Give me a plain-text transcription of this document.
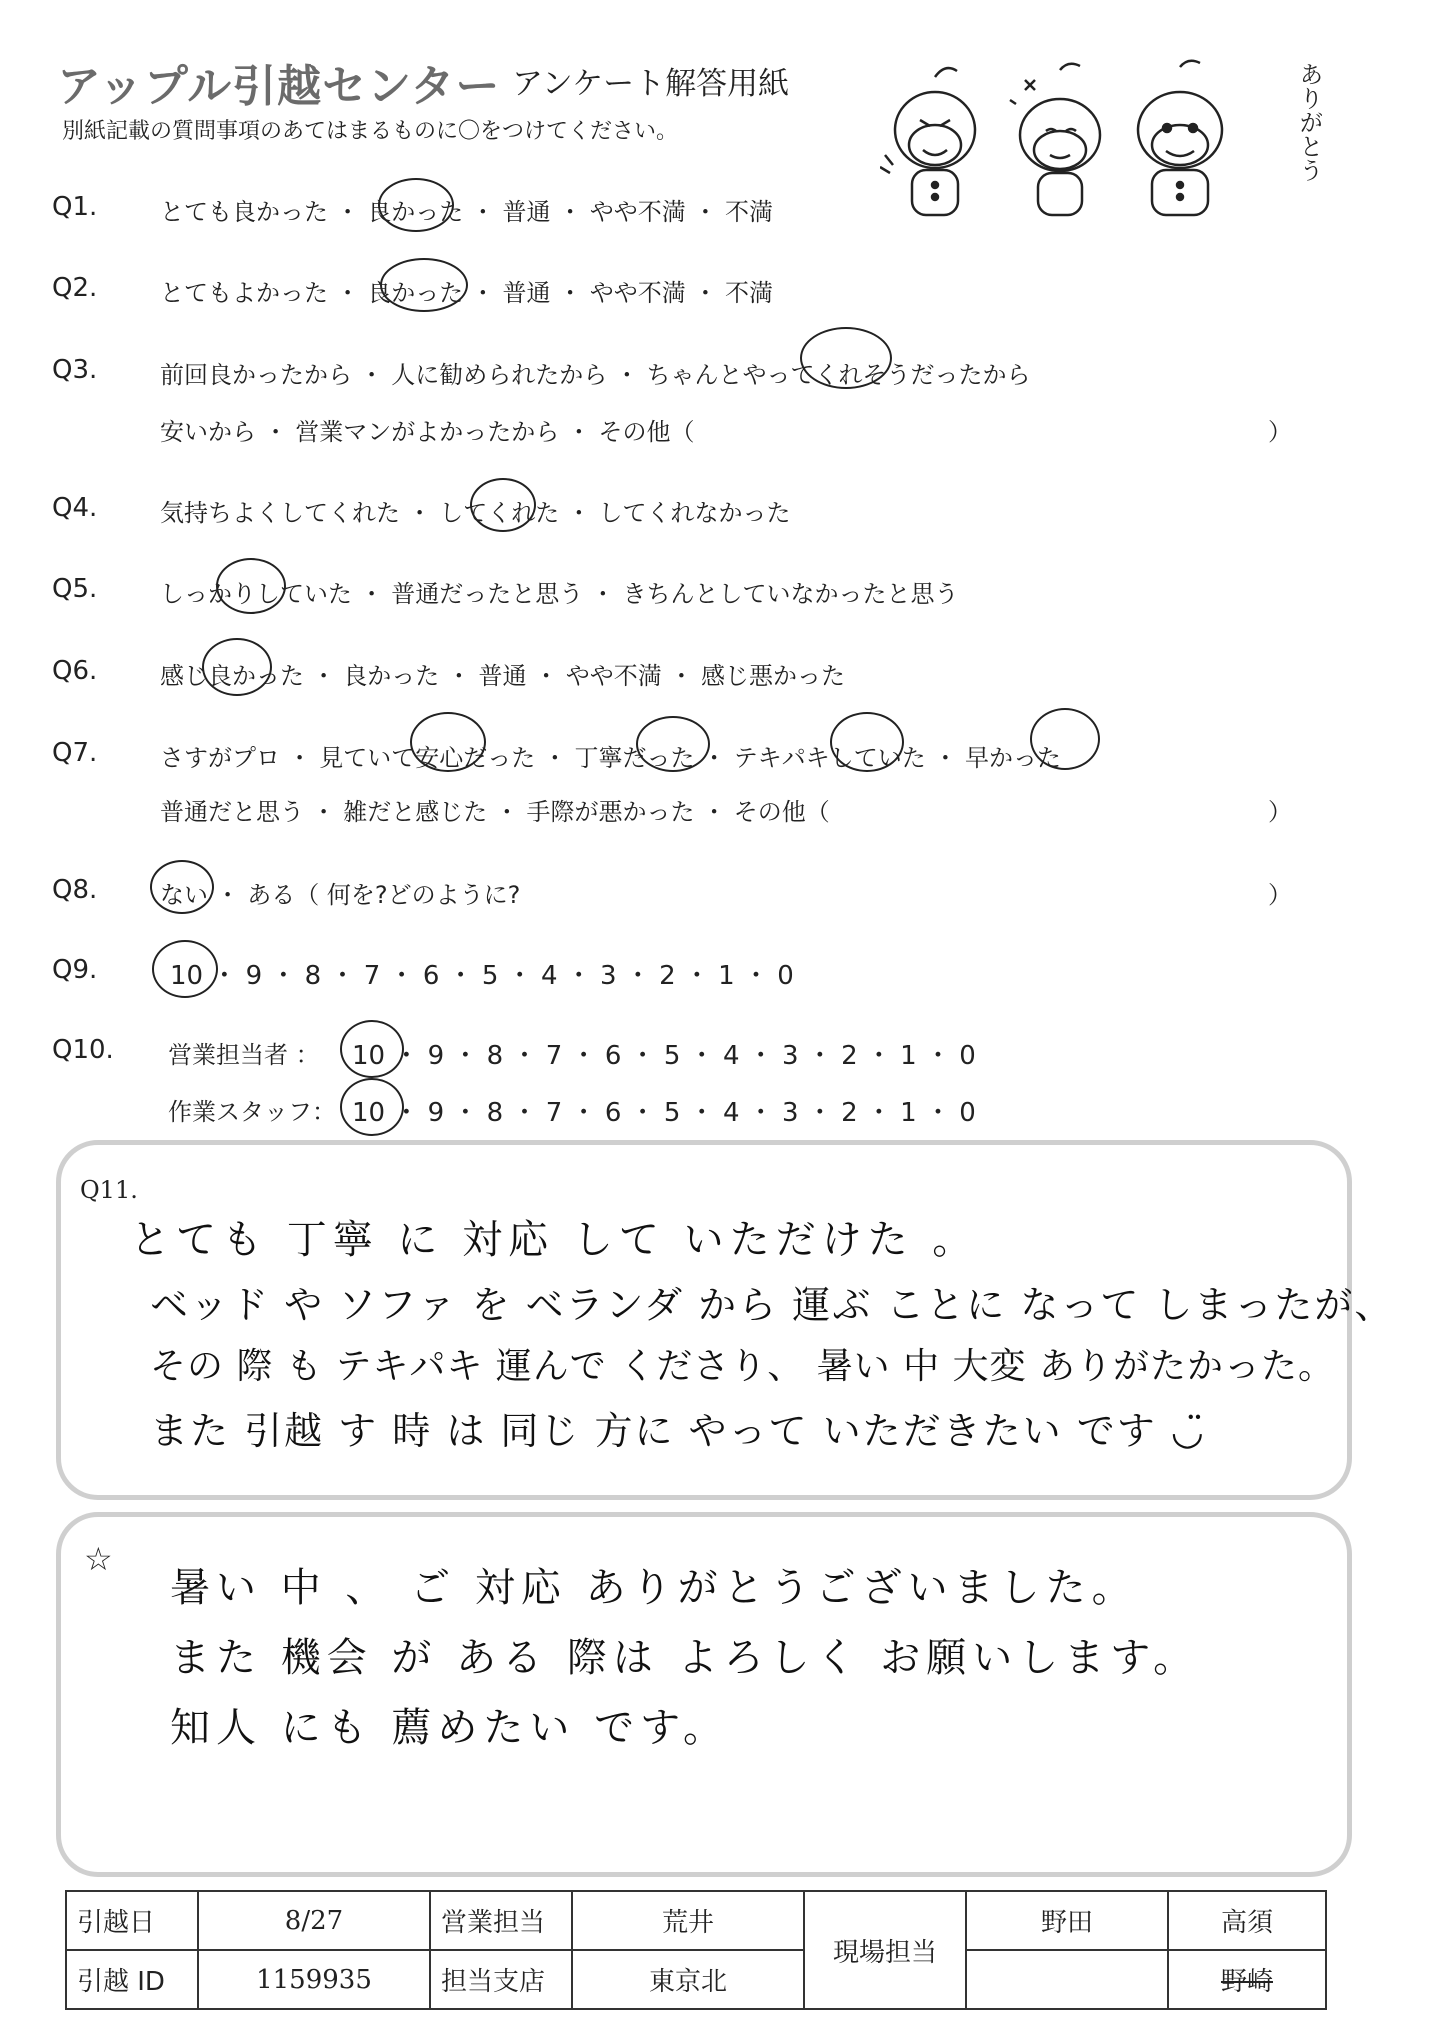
アップル引越センター アンケート解答用紙
別紙記載の質問事項のあてはまるものに〇をつけてください。	ありがとう
Q1.	とても良かった ・ 良かった ・ 普通 ・ やや不満 ・ 不満
Q2.	とてもよかった ・ 良かった ・ 普通 ・ やや不満 ・ 不満
Q3.	前回良かったから ・ 人に勧められたから ・ ちゃんとやってくれそうだったから
安いから ・ 営業マンがよかったから ・ その他（	）
Q4.	気持ちよくしてくれた ・ してくれた ・ してくれなかった
Q5.	しっかりしていた ・ 普通だったと思う ・ きちんとしていなかったと思う
Q6.	感じ良かった ・ 良かった ・ 普通 ・ やや不満 ・ 感じ悪かった
Q7.	さすがプロ ・ 見ていて安心だった ・ 丁寧だった ・ テキパキしていた ・ 早かった
普通だと思う ・ 雑だと感じた ・ 手際が悪かった ・ その他（	）
Q8.	ない ・ ある（ 何を?どのように?	）
Q9.	10 ・ 9 ・ 8 ・ 7 ・ 6 ・ 5 ・ 4 ・ 3 ・ 2 ・ 1 ・ 0
Q10. 営業担当者 ： 10 ・ 9 ・ 8 ・ 7 ・ 6 ・ 5 ・ 4 ・ 3 ・ 2 ・ 1 ・ 0
作業スタッフ： 10 ・ 9 ・ 8 ・ 7 ・ 6 ・ 5 ・ 4 ・ 3 ・ 2 ・ 1 ・ 0
Q11.
とても 丁寧 に 対応 して いただけた 。
ベッド や ソファ を ベランダ から 運ぶ ことに なって しまったが、
その 際 も テキパキ 運んで くださり、 暑い 中 大変 ありがたかった。
また 引越 す 時 は 同じ 方に やって いただきたい です ◡̈
☆
暑い 中 、 ご 対応 ありがとうございました。
また 機会 が ある 際は よろしく お願いします。
知人 にも 薦めたい です。
引越日	8/27	営業担当	荒井	現場担当	野田	高須
引越 ID	1159935	担当支店	東京北			野崎
